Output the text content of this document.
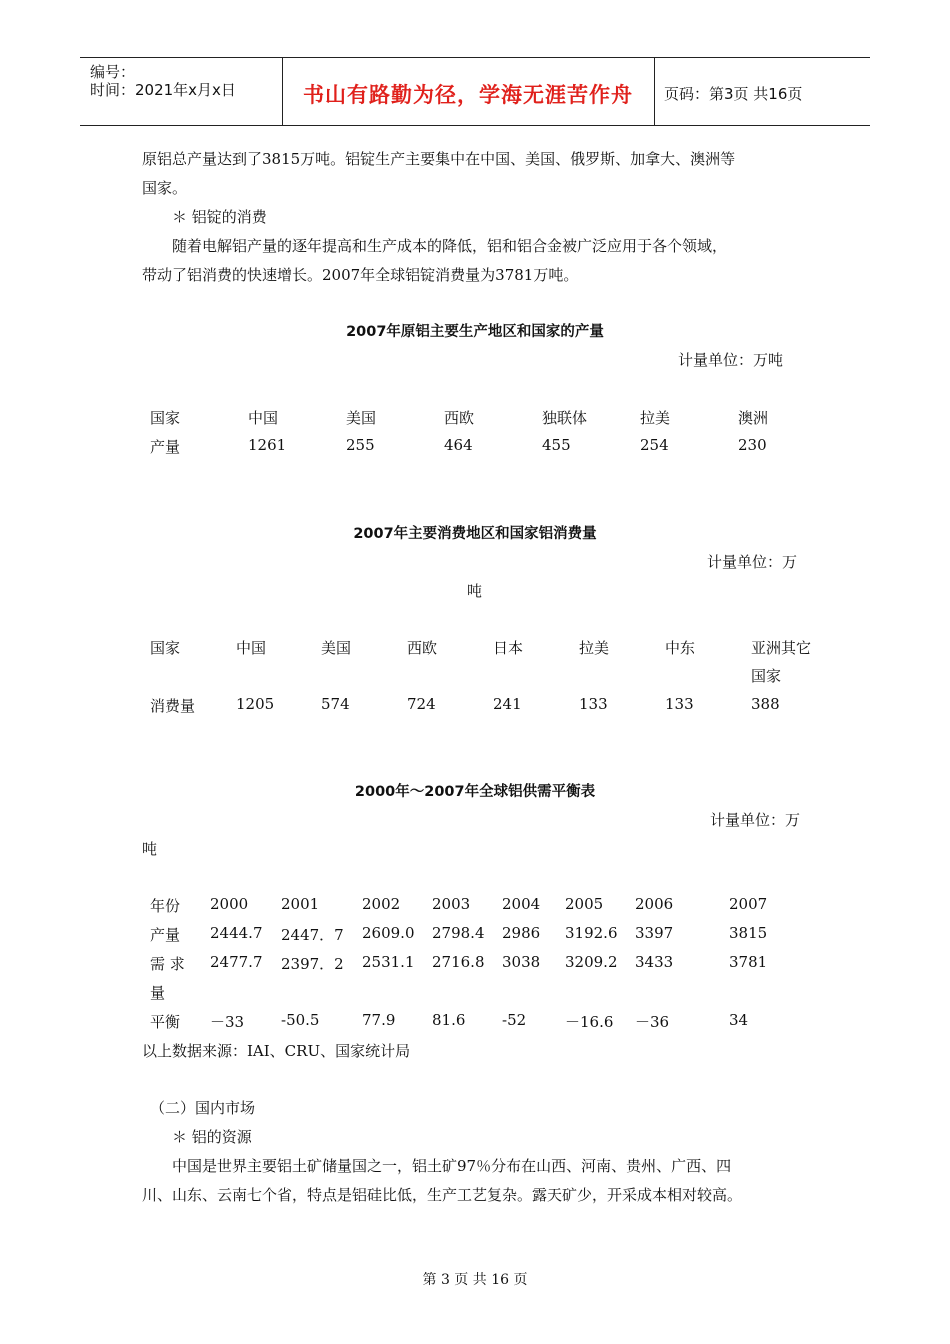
编号：
时间：2021年x月x日	书山有路勤为径，学海无涯苦作舟	页码：第3页 共16页
原铝总产量达到了3815万吨。铝锭生产主要集中在中国、美国、俄罗斯、加拿大、澳洲等
国家。
＊ 铝锭的消费
随着电解铝产量的逐年提高和生产成本的降低，铝和铝合金被广泛应用于各个领域，
带动了铝消费的快速增长。2007年全球铝锭消费量为3781万吨。
2007年原铝主要生产地区和国家的产量
计量单位：万吨
国家	中国	美国	西欧	独联体	拉美	澳洲
产量	1261	255	464	455	254	230
2007年主要消费地区和国家铝消费量
计量单位：万
吨
国家	中国	美国	西欧	日本	拉美	中东	亚洲其它
国家
消费量	1205	574	724	241	133	133	388
2000年～2007年全球铝供需平衡表
计量单位：万
吨
年份 2000 2001	2002 2003 2004 2005 2006	2007
产量 2444.7 2447．7 2609.0 2798.4 2986 3192.6 3397	3815
需 求 2477.7 2397．2 2531.1 2716.8 3038 3209.2 3433	3781
量
平衡 －33 -50.5	77.9 81.6 -52	－16.6 －36	34
以上数据来源：IAI、CRU、国家统计局
（二）国内市场
＊ 铝的资源
中国是世界主要铝土矿储量国之一，铝土矿97％分布在山西、河南、贵州、广西、四
川、山东、云南七个省，特点是铝硅比低，生产工艺复杂。露天矿少，开采成本相对较高。
第 3 页 共 16 页
